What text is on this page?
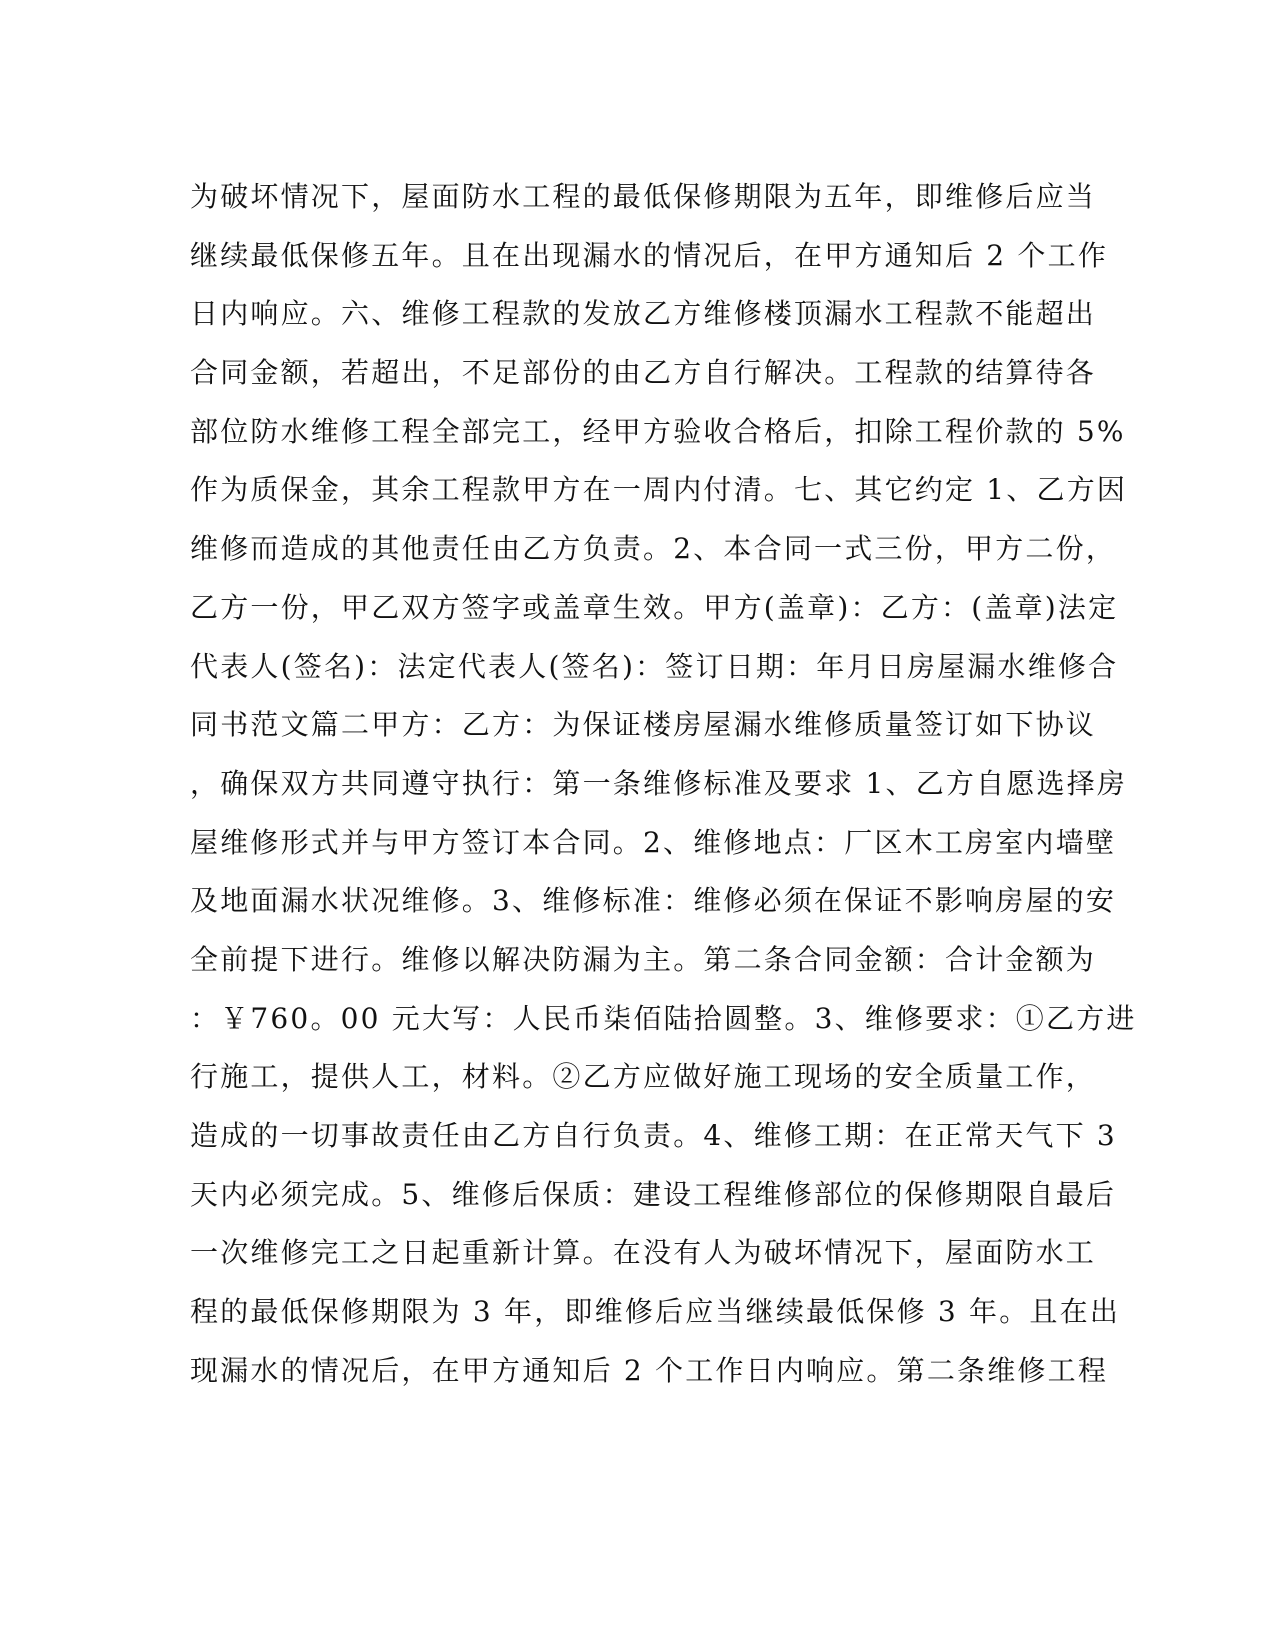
为破坏情况下，屋面防水工程的最低保修期限为五年，即维修后应当
继续最低保修五年。且在出现漏水的情况后，在甲方通知后 2 个工作
日内响应。六、维修工程款的发放乙方维修楼顶漏水工程款不能超出
合同金额，若超出，不足部份的由乙方自行解决。工程款的结算待各
部位防水维修工程全部完工，经甲方验收合格后，扣除工程价款的 5%
作为质保金，其余工程款甲方在一周内付清。七、其它约定 1、乙方因
维修而造成的其他责任由乙方负责。2、本合同一式三份，甲方二份，
乙方一份，甲乙双方签字或盖章生效。甲方(盖章)：乙方：(盖章)法定
代表人(签名)：法定代表人(签名)：签订日期：年月日房屋漏水维修合
同书范文篇二甲方：乙方：为保证楼房屋漏水维修质量签订如下协议
，确保双方共同遵守执行：第一条维修标准及要求 1、乙方自愿选择房
屋维修形式并与甲方签订本合同。2、维修地点：厂区木工房室内墙壁
及地面漏水状况维修。3、维修标准：维修必须在保证不影响房屋的安
全前提下进行。维修以解决防漏为主。第二条合同金额：合计金额为
：￥760。00 元大写：人民币柒佰陆拾圆整。3、维修要求：①乙方进
行施工，提供人工，材料。②乙方应做好施工现场的安全质量工作，
造成的一切事故责任由乙方自行负责。4、维修工期：在正常天气下 3
天内必须完成。5、维修后保质：建设工程维修部位的保修期限自最后
一次维修完工之日起重新计算。在没有人为破坏情况下，屋面防水工
程的最低保修期限为 3 年，即维修后应当继续最低保修 3 年。且在出
现漏水的情况后，在甲方通知后 2 个工作日内响应。第二条维修工程
